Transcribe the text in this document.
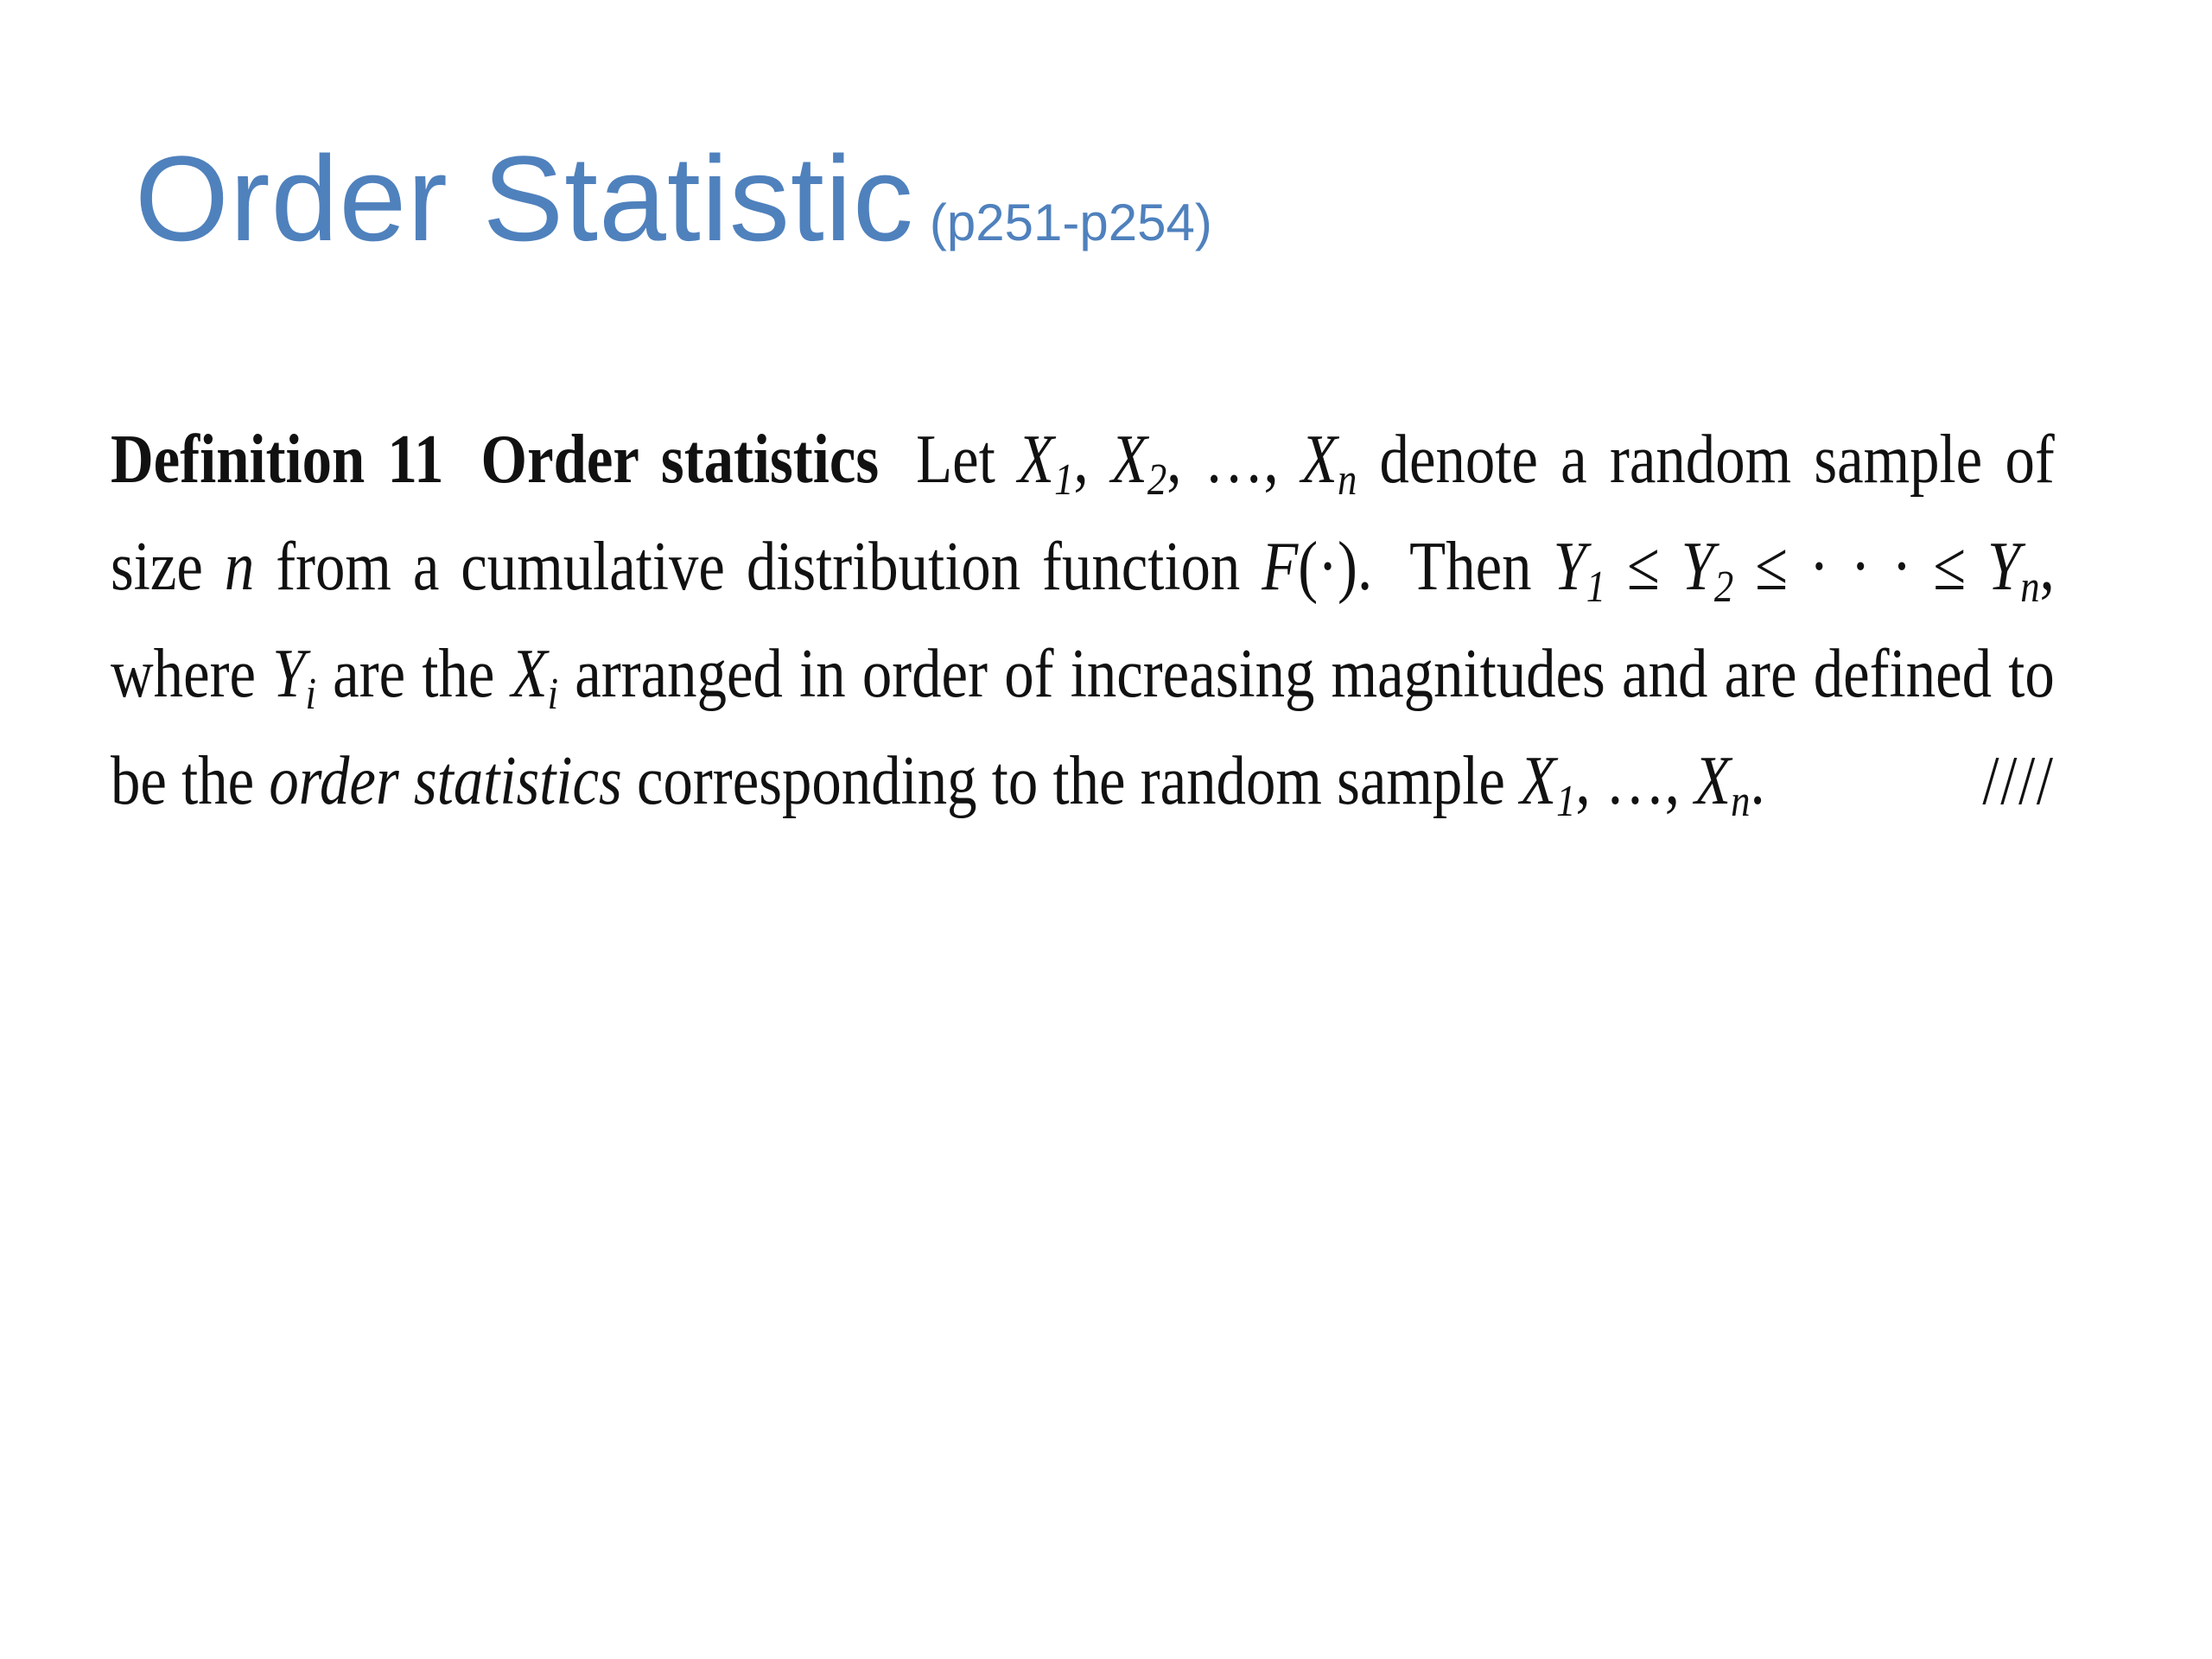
Order Statistic (p251-p254)
Definition 11 Order statistics Let $X_1$, $X_2$, …, $X_n$ denote a random sample of size n from a cumulative distribution function F(·). Then $Y_1 \le Y_2$ ≤ · · · ≤ $Y_n$, where $Y_i$ are the $X_i$ arranged in order of increasing magnitudes and are defined to be the order statistics corresponding to the random sample $X_1$, …, $X_n$.	////
